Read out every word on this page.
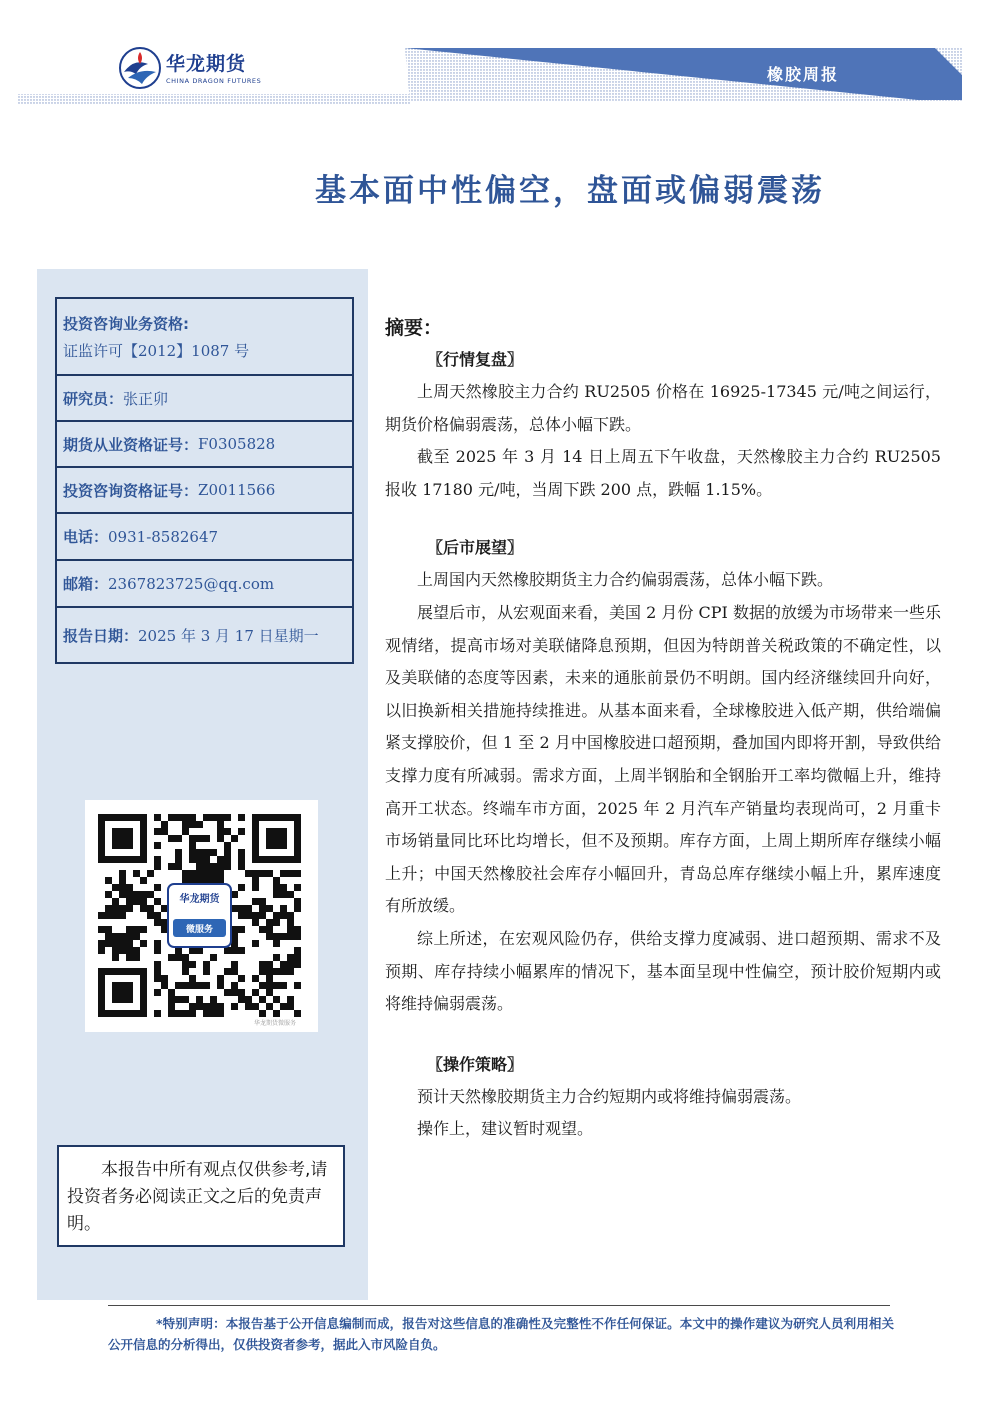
华龙期货
CHINA DRAGON FUTURES	橡胶周报
基本面中性偏空，盘面或偏弱震荡
投资咨询业务资格:
证监许可【2012】1087 号
研究员： 张正卯
期货从业资格证号： F0305828
投资咨询资格证号： Z0011566
电话： 0931-8582647
邮箱： 2367823725@qq.com
报告日期： 2025 年 3 月 17 日星期一
华龙期货
微服务
华龙期货微服务
本报告中所有观点仅供参考,请投资者务必阅读正文之后的免责声明。
摘要：
〖行情复盘〗
上周天然橡胶主力合约 RU2505 价格在 16925-17345 元/吨之间运行，期货价格偏弱震荡，总体小幅下跌。
截至 2025 年 3 月 14 日上周五下午收盘，天然橡胶主力合约 RU2505 报收 17180 元/吨，当周下跌 200 点，跌幅 1.15%。
〖后市展望〗
上周国内天然橡胶期货主力合约偏弱震荡，总体小幅下跌。
展望后市，从宏观面来看，美国 2 月份 CPI 数据的放缓为市场带来一些乐观情绪，提高市场对美联储降息预期，但因为特朗普关税政策的不确定性，以及美联储的态度等因素，未来的通胀前景仍不明朗。国内经济继续回升向好，以旧换新相关措施持续推进。从基本面来看，全球橡胶进入低产期，供给端偏紧支撑胶价，但 1 至 2 月中国橡胶进口超预期，叠加国内即将开割，导致供给支撑力度有所减弱。需求方面，上周半钢胎和全钢胎开工率均微幅上升，维持高开工状态。终端车市方面，2025 年 2 月汽车产销量均表现尚可，2 月重卡市场销量同比环比均增长，但不及预期。库存方面，上周上期所库存继续小幅上升；中国天然橡胶社会库存小幅回升，青岛总库存继续小幅上升，累库速度有所放缓。
综上所述，在宏观风险仍存，供给支撑力度减弱、进口超预期、需求不及预期、库存持续小幅累库的情况下，基本面呈现中性偏空，预计胶价短期内或将维持偏弱震荡。
〖操作策略〗
预计天然橡胶期货主力合约短期内或将维持偏弱震荡。
操作上，建议暂时观望。
*特别声明：本报告基于公开信息编制而成，报告对这些信息的准确性及完整性不作任何保证。本文中的操作建议为研究人员利用相关公开信息的分析得出，仅供投资者参考，据此入市风险自负。
